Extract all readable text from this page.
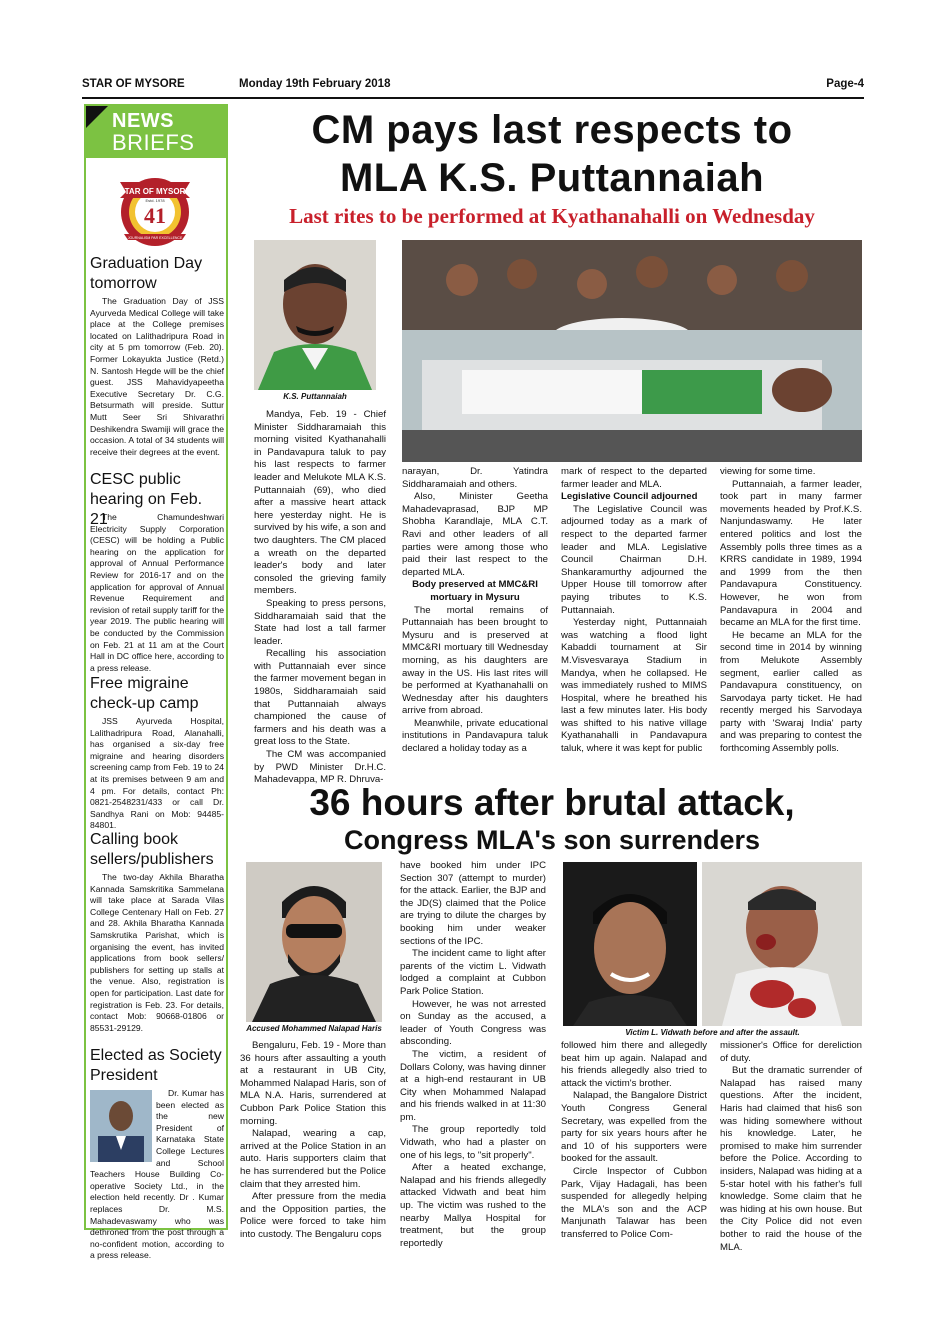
STAR OF MYSORE	Monday 19th February 2018	Page-4
NEWS
BRIEFS
STAR OF MYSORE
Estd. 1978
41
JOURNALISM PAR EXCELLENCE
Graduation Day tomorrow
The Graduation Day of JSS Ayurveda Medical College will take place at the College premises located on Lalithadripura Road in city at 5 pm tomorrow (Feb. 20). Former Lokayukta Justice (Retd.) N. Santosh Hegde will be the chief guest. JSS Mahavidyapeetha Executive Secretary Dr. C.G. Betsurmath will preside. Suttur Mutt Seer Sri Shivarathri Deshikendra Swamiji will grace the occasion. A total of 34 students will receive their degrees at the event.
CESC public hearing on Feb. 21
The Chamundeshwari Electricity Supply Corporation (CESC) will be holding a Public hearing on the application for approval of Annual Performance Review for 2016-17 and on the application for approval of Annual Revenue Requirement and revision of retail supply tariff for the year 2019. The public hearing will be conducted by the Commission on Feb. 21 at 11 am at the Court Hall in DC office here, according to a press release.
Free migraine check-up camp
JSS Ayurveda Hospital, Lalithadripura Road, Alanahalli, has organised a six-day free migraine and hearing disorders screening camp from Feb. 19 to 24 at its premises between 9 am and 4 pm. For details, contact Ph: 0821-2548231/433 or call Dr. Sandhya Rani on Mob: 94485-84801.
Calling book sellers/publishers
The two-day Akhila Bharatha Kannada Samskritika Sammelana will take place at Sarada Vilas College Centenary Hall on Feb. 27 and 28. Akhila Bharatha Kannada Samskrutika Parishat, which is organising the event, has invited applications from book sellers/ publishers for setting up stalls at the venue. Also, registration is open for participation. Last date for registration is Feb. 23. For details, contact Mob: 90668-01806 or 85531-29129.
Elected as Society President
Dr. Kumar has been elected as the new President of Karnataka State College Lectures and School Teachers House Building Co-operative Society Ltd., in the election held recently. Dr . Kumar replaces Dr. M.S. Mahadevaswamy who was dethroned from the post through a no-confident motion, according to a press release.
CM pays last respects to
MLA K.S. Puttannaiah
Last rites to be performed at Kyathanahalli on Wednesday
K.S. Puttannaiah

Mandya, Feb. 19 - Chief Minister Siddharamaiah this morning visited Kyathanahalli in Pandavapura taluk to pay his last respects to farmer leader and Melukote MLA K.S. Puttannaiah (69), who died after a massive heart attack here yesterday night. He is survived by his wife, a son and two daughters. The CM placed a wreath on the departed leader's body and later consoled the grieving family members.

Speaking to press persons, Siddharamaiah said that the State had lost a tall farmer leader.

Recalling his association with Puttannaiah ever since the farmer movement began in 1980s, Siddharamaiah said that Puttannaiah always championed the cause of farmers and his death was a great loss to the State.

The CM was accompanied by PWD Minister Dr.H.C. Mahadevappa, MP R. Dhruva-

narayan, Dr. Yatindra Siddharamaiah and others.

Also, Minister Geetha Mahadevaprasad, BJP MP Shobha Karandlaje, MLA C.T. Ravi and other leaders of all parties were among those who paid their last respect to the departed MLA.

Body preserved at MMC&RI mortuary in Mysuru

The mortal remains of Puttannaiah has been brought to Mysuru and is preserved at MMC&RI mortuary till Wednesday morning, as his daughters are away in the US. His last rites will be performed at Kyathanahalli on Wednesday after his daughters arrive from abroad.

Meanwhile, private educational institutions in Pandavapura taluk declared a holiday today as a

mark of respect to the departed farmer leader and MLA.

Legislative Council adjourned

The Legislative Council was adjourned today as a mark of respect to the departed farmer leader and MLA. Legislative Council Chairman D.H. Shankaramurthy adjourned the Upper House till tomorrow after paying tributes to K.S. Puttannaiah.

Yesterday night, Puttannaiah was watching a flood light Kabaddi tournament at Sir M.Visvesvaraya Stadium in Mandya, when he collapsed. He was immediately rushed to MIMS Hospital, where he breathed his last a few minutes later. His body was shifted to his native village Kyathanahalli in Pandavapura taluk, where it was kept for public

viewing for some time.

Puttannaiah, a farmer leader, took part in many farmer movements headed by Prof.K.S. Nanjundaswamy. He later entered politics and lost the Assembly polls three times as a KRRS candidate in 1989, 1994 and 1999 from the then Pandavapura Constituency. However, he won from Pandavapura in 2004 and became an MLA for the first time.

He became an MLA for the second time in 2014 by winning from Melukote Assembly segment, earlier called as Pandavapura constituency, on Sarvodaya party ticket. He had recently merged his Sarvodaya party with 'Swaraj India' party and was preparing to contest the forthcoming Assembly polls.

36 hours after brutal attack,
Congress MLA's son surrenders
Accused Mohammed Nalapad Haris	Victim L. Vidwath before and after the assault.

Bengaluru, Feb. 19 - More than 36 hours after assaulting a youth at a restaurant in UB City, Mohammed Nalapad Haris, son of MLA N.A. Haris, surrendered at Cubbon Park Police Station this morning.

Nalapad, wearing a cap, arrived at the Police Station in an auto. Haris supporters claim that he has surrendered but the Police claim that they arrested him.

After pressure from the media and the Opposition parties, the Police were forced to take him into custody. The Bengaluru cops

have booked him under IPC Section 307 (attempt to murder) for the attack. Earlier, the BJP and the JD(S) claimed that the Police are trying to dilute the charges by booking him under weaker sections of the IPC.

The incident came to light after parents of the victim L. Vidwath lodged a complaint at Cubbon Park Police Station.

However, he was not arrested on Sunday as the accused, a leader of Youth Congress was absconding.

The victim, a resident of Dollars Colony, was having dinner at a high-end restaurant in UB City when Mohammed Nalapad and his friends walked in at 11:30 pm.

The group reportedly told Vidwath, who had a plaster on one of his legs, to "sit properly".

After a heated exchange, Nalapad and his friends allegedly attacked Vidwath and beat him up. The victim was rushed to the nearby Mallya Hospital for treatment, but the group reportedly

followed him there and allegedly beat him up again. Nalapad and his friends allegedly also tried to attack the victim's brother.

Nalapad, the Bangalore District Youth Congress General Secretary, was expelled from the party for six years hours after he and 10 of his supporters were booked for the assault.

Circle Inspector of Cubbon Park, Vijay Hadagali, has been suspended for allegedly helping the MLA's son and the ACP Manjunath Talawar has been transferred to Police Com-

missioner's Office for dereliction of duty.

But the dramatic surrender of Nalapad has raised many questions. After the incident, Haris had claimed that his6 son was hiding somewhere without his knowledge. Later, he promised to make him surrender before the Police. According to insiders, Nalapad was hiding at a 5-star hotel with his father's full knowledge. Some claim that he was hiding at his own house. But the City Police did not even bother to raid the house of the MLA.
